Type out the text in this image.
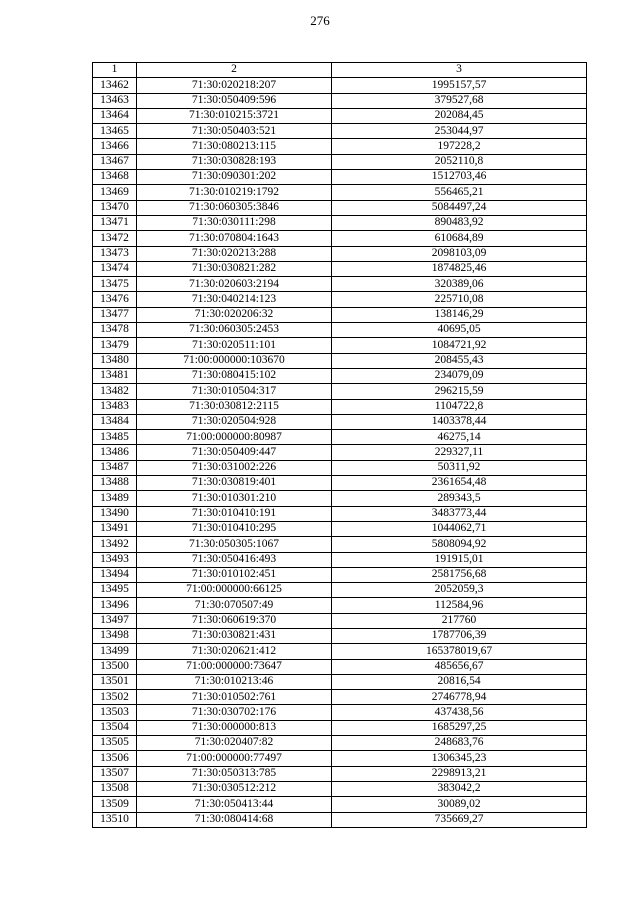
276
1	2	3
13462	71:30:020218:207	1995157,57
13463	71:30:050409:596	379527,68
13464	71:30:010215:3721	202084,45
13465	71:30:050403:521	253044,97
13466	71:30:080213:115	197228,2
13467	71:30:030828:193	2052110,8
13468	71:30:090301:202	1512703,46
13469	71:30:010219:1792	556465,21
13470	71:30:060305:3846	5084497,24
13471	71:30:030111:298	890483,92
13472	71:30:070804:1643	610684,89
13473	71:30:020213:288	2098103,09
13474	71:30:030821:282	1874825,46
13475	71:30:020603:2194	320389,06
13476	71:30:040214:123	225710,08
13477	71:30:020206:32	138146,29
13478	71:30:060305:2453	40695,05
13479	71:30:020511:101	1084721,92
13480	71:00:000000:103670	208455,43
13481	71:30:080415:102	234079,09
13482	71:30:010504:317	296215,59
13483	71:30:030812:2115	1104722,8
13484	71:30:020504:928	1403378,44
13485	71:00:000000:80987	46275,14
13486	71:30:050409:447	229327,11
13487	71:30:031002:226	50311,92
13488	71:30:030819:401	2361654,48
13489	71:30:010301:210	289343,5
13490	71:30:010410:191	3483773,44
13491	71:30:010410:295	1044062,71
13492	71:30:050305:1067	5808094,92
13493	71:30:050416:493	191915,01
13494	71:30:010102:451	2581756,68
13495	71:00:000000:66125	2052059,3
13496	71:30:070507:49	112584,96
13497	71:30:060619:370	217760
13498	71:30:030821:431	1787706,39
13499	71:30:020621:412	165378019,67
13500	71:00:000000:73647	485656,67
13501	71:30:010213:46	20816,54
13502	71:30:010502:761	2746778,94
13503	71:30:030702:176	437438,56
13504	71:30:000000:813	1685297,25
13505	71:30:020407:82	248683,76
13506	71:00:000000:77497	1306345,23
13507	71:30:050313:785	2298913,21
13508	71:30:030512:212	383042,2
13509	71:30:050413:44	30089,02
13510	71:30:080414:68	735669,27
